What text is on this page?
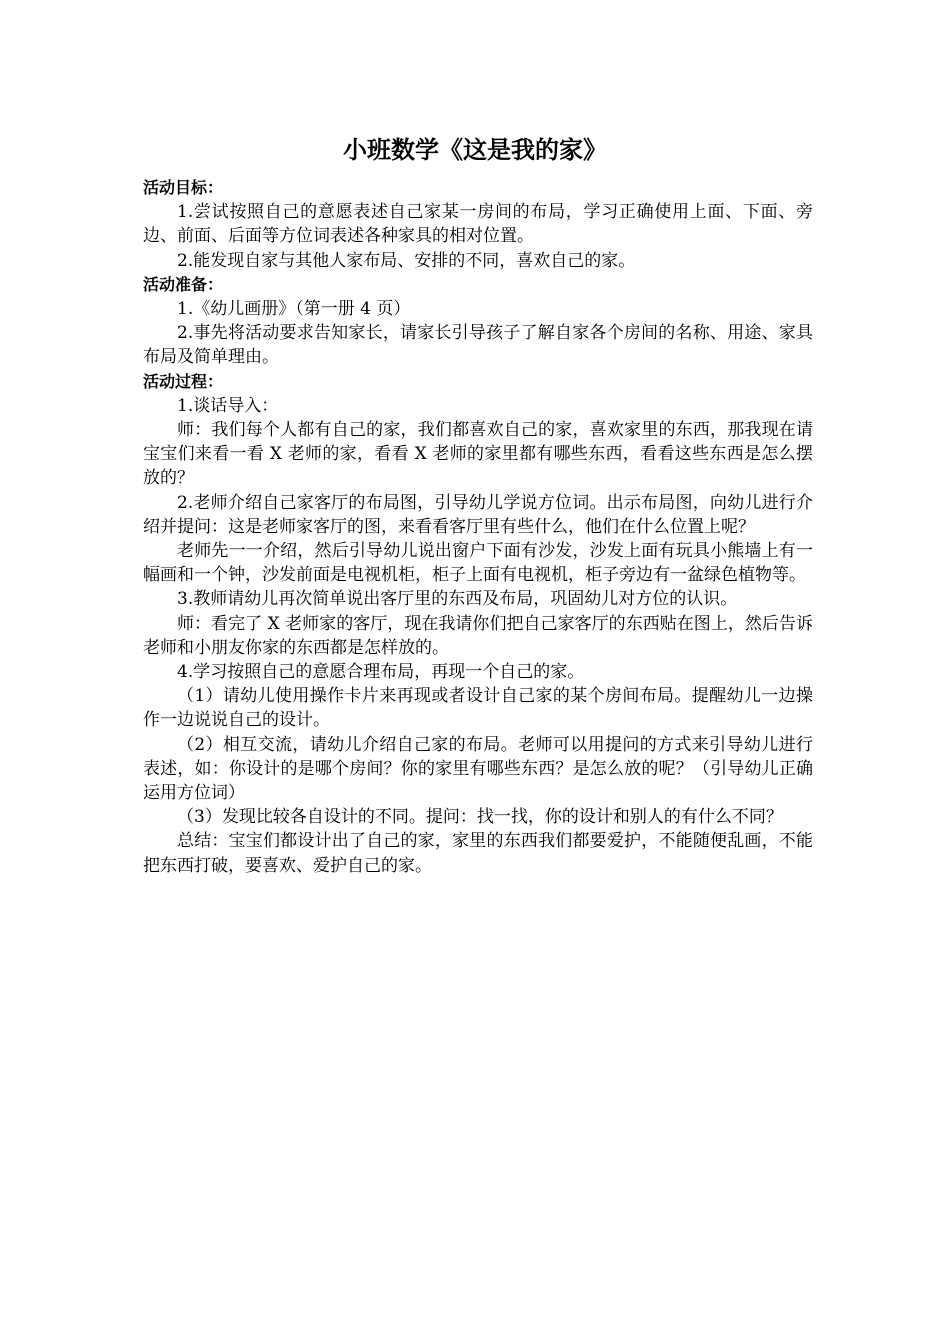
小班数学《这是我的家》

活动目标：

1.尝试按照自己的意愿表述自己家某一房间的布局，学习正确使用上面、下面、旁边、前面、后面等方位词表述各种家具的相对位置。

2.能发现自家与其他人家布局、安排的不同，喜欢自己的家。

活动准备：

1.《幼儿画册》（第一册 4 页）

2.事先将活动要求告知家长，请家长引导孩子了解自家各个房间的名称、用途、家具布局及简单理由。

活动过程：

1.谈话导入：

师：我们每个人都有自己的家，我们都喜欢自己的家，喜欢家里的东西，那我现在请宝宝们来看一看 X 老师的家，看看 X 老师的家里都有哪些东西，看看这些东西是怎么摆放的？

2.老师介绍自己家客厅的布局图，引导幼儿学说方位词。出示布局图，向幼儿进行介绍并提问：这是老师家客厅的图，来看看客厅里有些什么，他们在什么位置上呢？

老师先一一介绍，然后引导幼儿说出窗户下面有沙发，沙发上面有玩具小熊墙上有一幅画和一个钟，沙发前面是电视机柜，柜子上面有电视机，柜子旁边有一盆绿色植物等。

3.教师请幼儿再次简单说出客厅里的东西及布局，巩固幼儿对方位的认识。

师：看完了 X 老师家的客厅，现在我请你们把自己家客厅的东西贴在图上，然后告诉老师和小朋友你家的东西都是怎样放的。

4.学习按照自己的意愿合理布局，再现一个自己的家。

（1）请幼儿使用操作卡片来再现或者设计自己家的某个房间布局。提醒幼儿一边操作一边说说自己的设计。

（2）相互交流，请幼儿介绍自己家的布局。老师可以用提问的方式来引导幼儿进行表述，如：你设计的是哪个房间？你的家里有哪些东西？是怎么放的呢？（引导幼儿正确运用方位词）

（3）发现比较各自设计的不同。提问：找一找，你的设计和别人的有什么不同？

总结：宝宝们都设计出了自己的家，家里的东西我们都要爱护，不能随便乱画，不能把东西打破，要喜欢、爱护自己的家。
